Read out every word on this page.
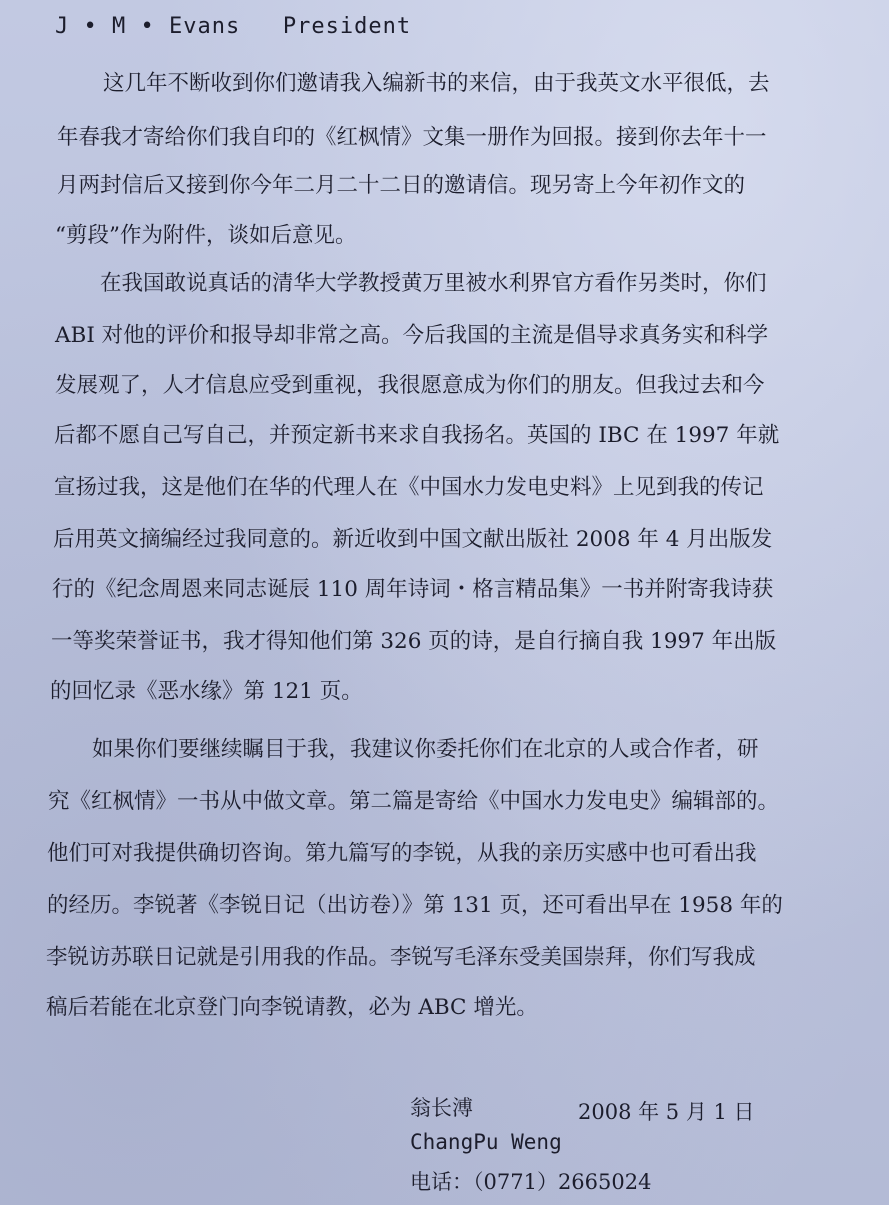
J • M • Evans   President
这几年不断收到你们邀请我入编新书的来信，由于我英文水平很低，去
年春我才寄给你们我自印的《红枫情》文集一册作为回报。接到你去年十一
月两封信后又接到你今年二月二十二日的邀请信。现另寄上今年初作文的
“剪段”作为附件，谈如后意见。
在我国敢说真话的清华大学教授黄万里被水利界官方看作另类时，你们
ABI 对他的评价和报导却非常之高。今后我国的主流是倡导求真务实和科学
发展观了，人才信息应受到重视，我很愿意成为你们的朋友。但我过去和今
后都不愿自己写自己，并预定新书来求自我扬名。英国的 IBC 在 1997 年就
宣扬过我，这是他们在华的代理人在《中国水力发电史料》上见到我的传记
后用英文摘编经过我同意的。新近收到中国文献出版社 2008 年 4 月出版发
行的《纪念周恩来同志诞辰 110 周年诗词・格言精品集》一书并附寄我诗获
一等奖荣誉证书，我才得知他们第 326 页的诗，是自行摘自我 1997 年出版
的回忆录《恶水缘》第 121 页。
如果你们要继续瞩目于我，我建议你委托你们在北京的人或合作者，研
究《红枫情》一书从中做文章。第二篇是寄给《中国水力发电史》编辑部的。
他们可对我提供确切咨询。第九篇写的李锐，从我的亲历实感中也可看出我
的经历。李锐著《李锐日记（出访卷）》第 131 页，还可看出早在 1958 年的
李锐访苏联日记就是引用我的作品。李锐写毛泽东受美国崇拜，你们写我成
稿后若能在北京登门向李锐请教，必为 ABC 增光。
翁长溥	2008 年 5 月 1 日
ChangPu Weng
电话：（0771）2665024
